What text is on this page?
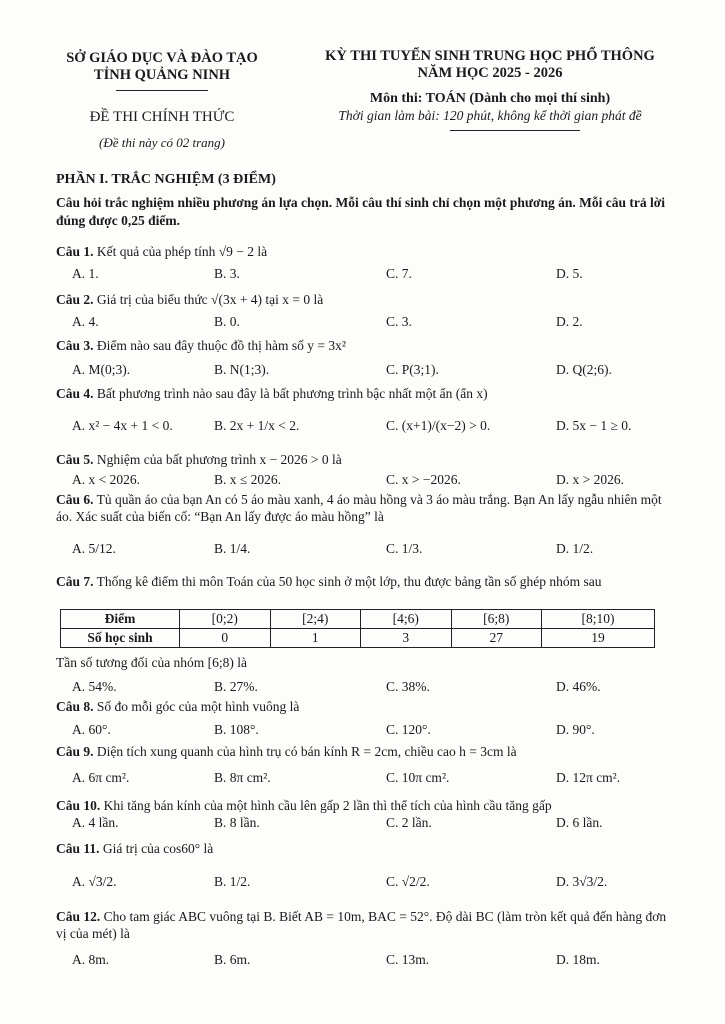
SỞ GIÁO DỤC VÀ ĐÀO TẠO
TỈNH QUẢNG NINH
ĐỀ THI CHÍNH THỨC
(Đề thi này có 02 trang)
KỲ THI TUYỂN SINH TRUNG HỌC PHỔ THÔNG
NĂM HỌC 2025 - 2026
Môn thi: TOÁN (Dành cho mọi thí sinh)
Thời gian làm bài: 120 phút, không kể thời gian phát đề
PHẦN I. TRẮC NGHIỆM (3 ĐIỂM)
Câu hỏi trắc nghiệm nhiều phương án lựa chọn. Mỗi câu thí sinh chỉ chọn một phương án. Mỗi câu trả lời đúng được 0,25 điểm.
Câu 1. Kết quả của phép tính √9 − 2 là
A. 1.	B. 3.	C. 7.	D. 5.
Câu 2. Giá trị của biểu thức √(3x + 4) tại x = 0 là
A. 4.	B. 0.	C. 3.	D. 2.
Câu 3. Điểm nào sau đây thuộc đồ thị hàm số y = 3x²
A. M(0;3).	B. N(1;3).	C. P(3;1).	D. Q(2;6).
Câu 4. Bất phương trình nào sau đây là bất phương trình bậc nhất một ẩn (ẩn x)
A. x² − 4x + 1 < 0.	B. 2x + 1/x < 2.	C. (x+1)/(x−2) > 0.	D. 5x − 1 ≥ 0.
Câu 5. Nghiệm của bất phương trình x − 2026 > 0 là
A. x < 2026.	B. x ≤ 2026.	C. x > −2026.	D. x > 2026.
Câu 6. Tủ quần áo của bạn An có 5 áo màu xanh, 4 áo màu hồng và 3 áo màu trắng. Bạn An lấy ngẫu nhiên một áo. Xác suất của biến cố: “Bạn An lấy được áo màu hồng” là
A. 5/12.	B. 1/4.	C. 1/3.	D. 1/2.
Câu 7. Thống kê điểm thi môn Toán của 50 học sinh ở một lớp, thu được bảng tần số ghép nhóm sau
Điểm	[0;2)	[2;4)	[4;6)	[6;8)	[8;10)
Số học sinh	0	1	3	27	19
Tần số tương đối của nhóm [6;8) là
A. 54%.	B. 27%.	C. 38%.	D. 46%.
Câu 8. Số đo mỗi góc của một hình vuông là
A. 60°.	B. 108°.	C. 120°.	D. 90°.
Câu 9. Diện tích xung quanh của hình trụ có bán kính R = 2cm, chiều cao h = 3cm là
A. 6π cm².	B. 8π cm².	C. 10π cm².	D. 12π cm².
Câu 10. Khi tăng bán kính của một hình cầu lên gấp 2 lần thì thể tích của hình cầu tăng gấp
A. 4 lần.	B. 8 lần.	C. 2 lần.	D. 6 lần.
Câu 11. Giá trị của cos60° là
A. √3/2.	B. 1/2.	C. √2/2.	D. 3√3/2.
Câu 12. Cho tam giác ABC vuông tại B. Biết AB = 10m, BAC = 52°. Độ dài BC (làm tròn kết quả đến hàng đơn vị của mét) là
A. 8m.	B. 6m.	C. 13m.	D. 18m.
